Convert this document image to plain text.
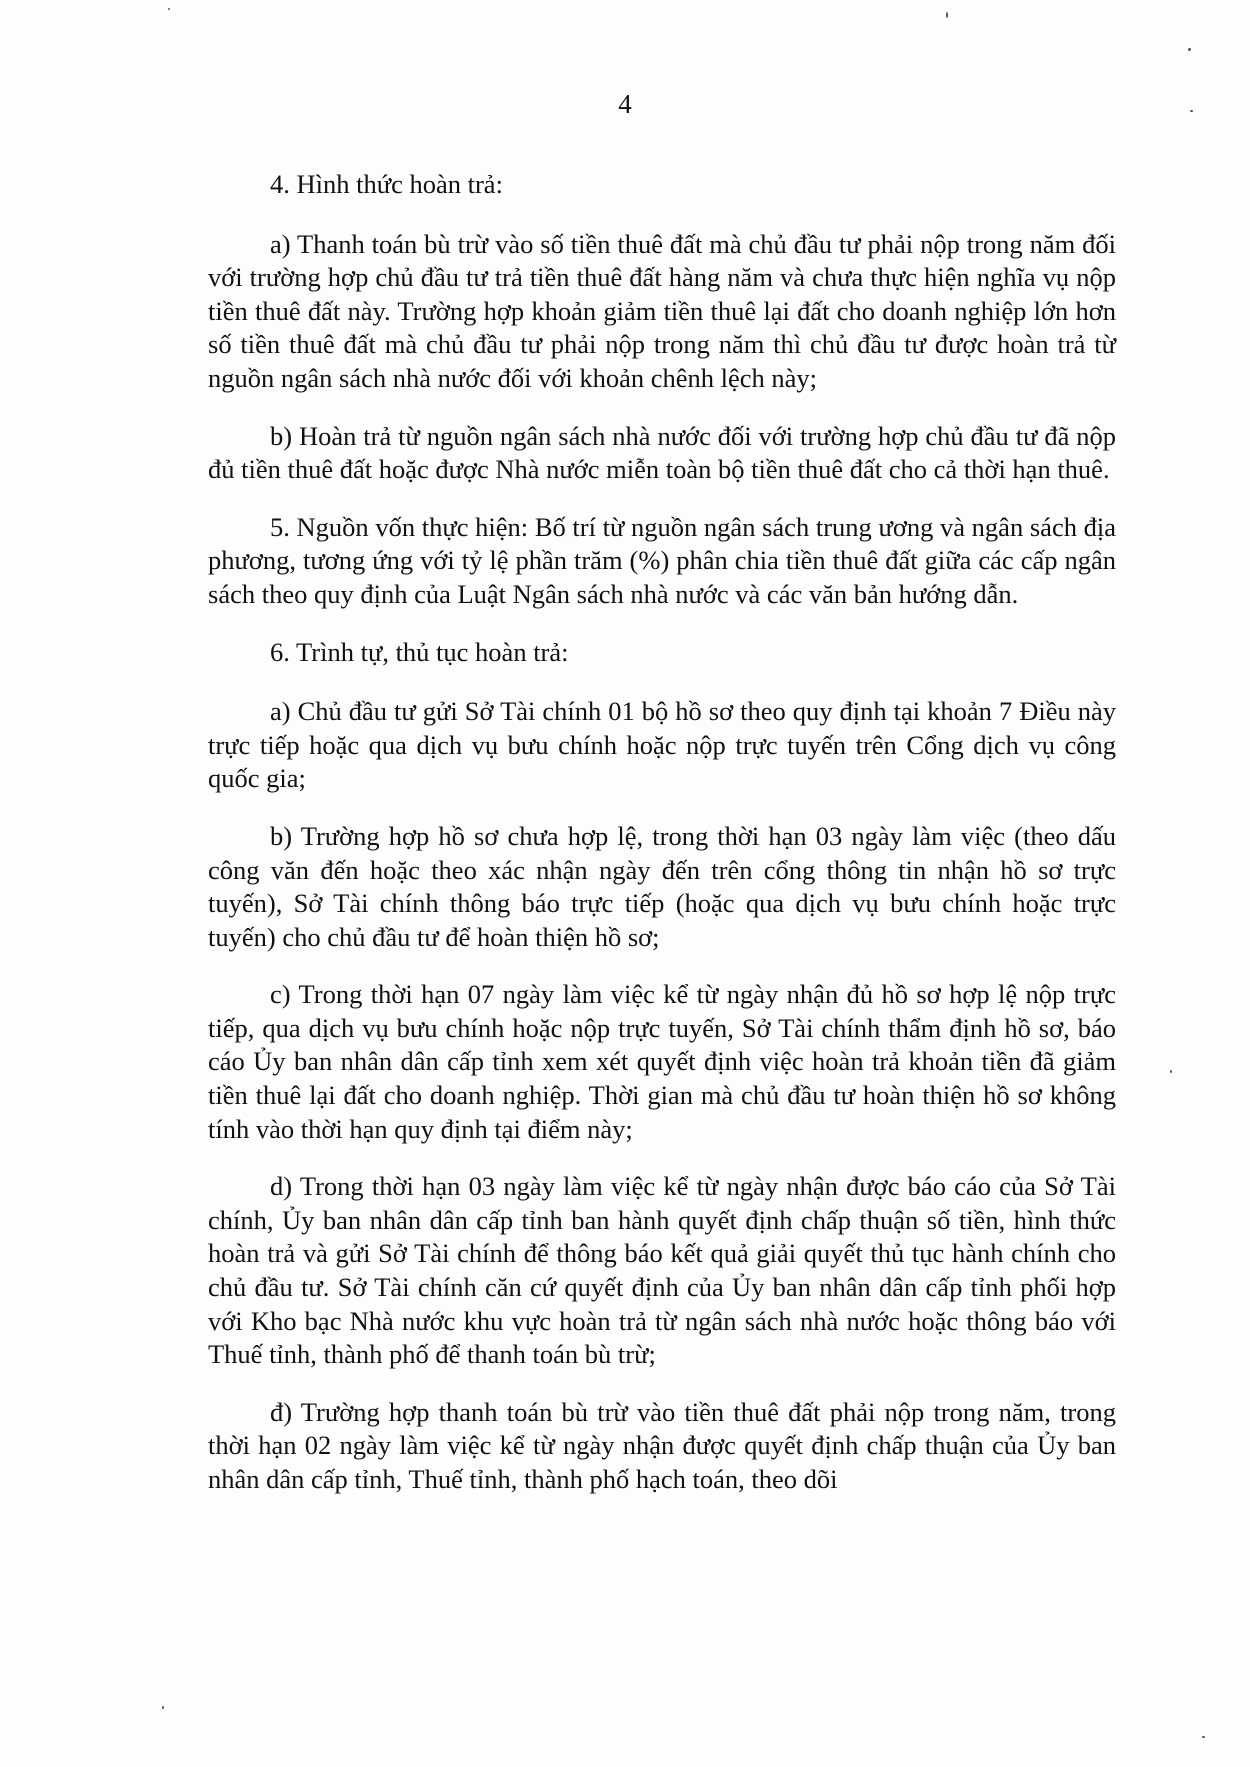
4

4. Hình thức hoàn trả:

a) Thanh toán bù trừ vào số tiền thuê đất mà chủ đầu tư phải nộp trong năm đối với trường hợp chủ đầu tư trả tiền thuê đất hàng năm và chưa thực hiện nghĩa vụ nộp tiền thuê đất này. Trường hợp khoản giảm tiền thuê lại đất cho doanh nghiệp lớn hơn số tiền thuê đất mà chủ đầu tư phải nộp trong năm thì chủ đầu tư được hoàn trả từ nguồn ngân sách nhà nước đối với khoản chênh lệch này;

b) Hoàn trả từ nguồn ngân sách nhà nước đối với trường hợp chủ đầu tư đã nộp đủ tiền thuê đất hoặc được Nhà nước miễn toàn bộ tiền thuê đất cho cả thời hạn thuê.

5. Nguồn vốn thực hiện: Bố trí từ nguồn ngân sách trung ương và ngân sách địa phương, tương ứng với tỷ lệ phần trăm (%) phân chia tiền thuê đất giữa các cấp ngân sách theo quy định của Luật Ngân sách nhà nước và các văn bản hướng dẫn.

6. Trình tự, thủ tục hoàn trả:

a) Chủ đầu tư gửi Sở Tài chính 01 bộ hồ sơ theo quy định tại khoản 7 Điều này trực tiếp hoặc qua dịch vụ bưu chính hoặc nộp trực tuyến trên Cổng dịch vụ công quốc gia;

b) Trường hợp hồ sơ chưa hợp lệ, trong thời hạn 03 ngày làm việc (theo dấu công văn đến hoặc theo xác nhận ngày đến trên cổng thông tin nhận hồ sơ trực tuyến), Sở Tài chính thông báo trực tiếp (hoặc qua dịch vụ bưu chính hoặc trực tuyến) cho chủ đầu tư để hoàn thiện hồ sơ;

c) Trong thời hạn 07 ngày làm việc kể từ ngày nhận đủ hồ sơ hợp lệ nộp trực tiếp, qua dịch vụ bưu chính hoặc nộp trực tuyến, Sở Tài chính thẩm định hồ sơ, báo cáo Ủy ban nhân dân cấp tỉnh xem xét quyết định việc hoàn trả khoản tiền đã giảm tiền thuê lại đất cho doanh nghiệp. Thời gian mà chủ đầu tư hoàn thiện hồ sơ không tính vào thời hạn quy định tại điểm này;

d) Trong thời hạn 03 ngày làm việc kể từ ngày nhận được báo cáo của Sở Tài chính, Ủy ban nhân dân cấp tỉnh ban hành quyết định chấp thuận số tiền, hình thức hoàn trả và gửi Sở Tài chính để thông báo kết quả giải quyết thủ tục hành chính cho chủ đầu tư. Sở Tài chính căn cứ quyết định của Ủy ban nhân dân cấp tỉnh phối hợp với Kho bạc Nhà nước khu vực hoàn trả từ ngân sách nhà nước hoặc thông báo với Thuế tỉnh, thành phố để thanh toán bù trừ;

đ) Trường hợp thanh toán bù trừ vào tiền thuê đất phải nộp trong năm, trong thời hạn 02 ngày làm việc kể từ ngày nhận được quyết định chấp thuận của Ủy ban nhân dân cấp tỉnh, Thuế tỉnh, thành phố hạch toán, theo dõi
